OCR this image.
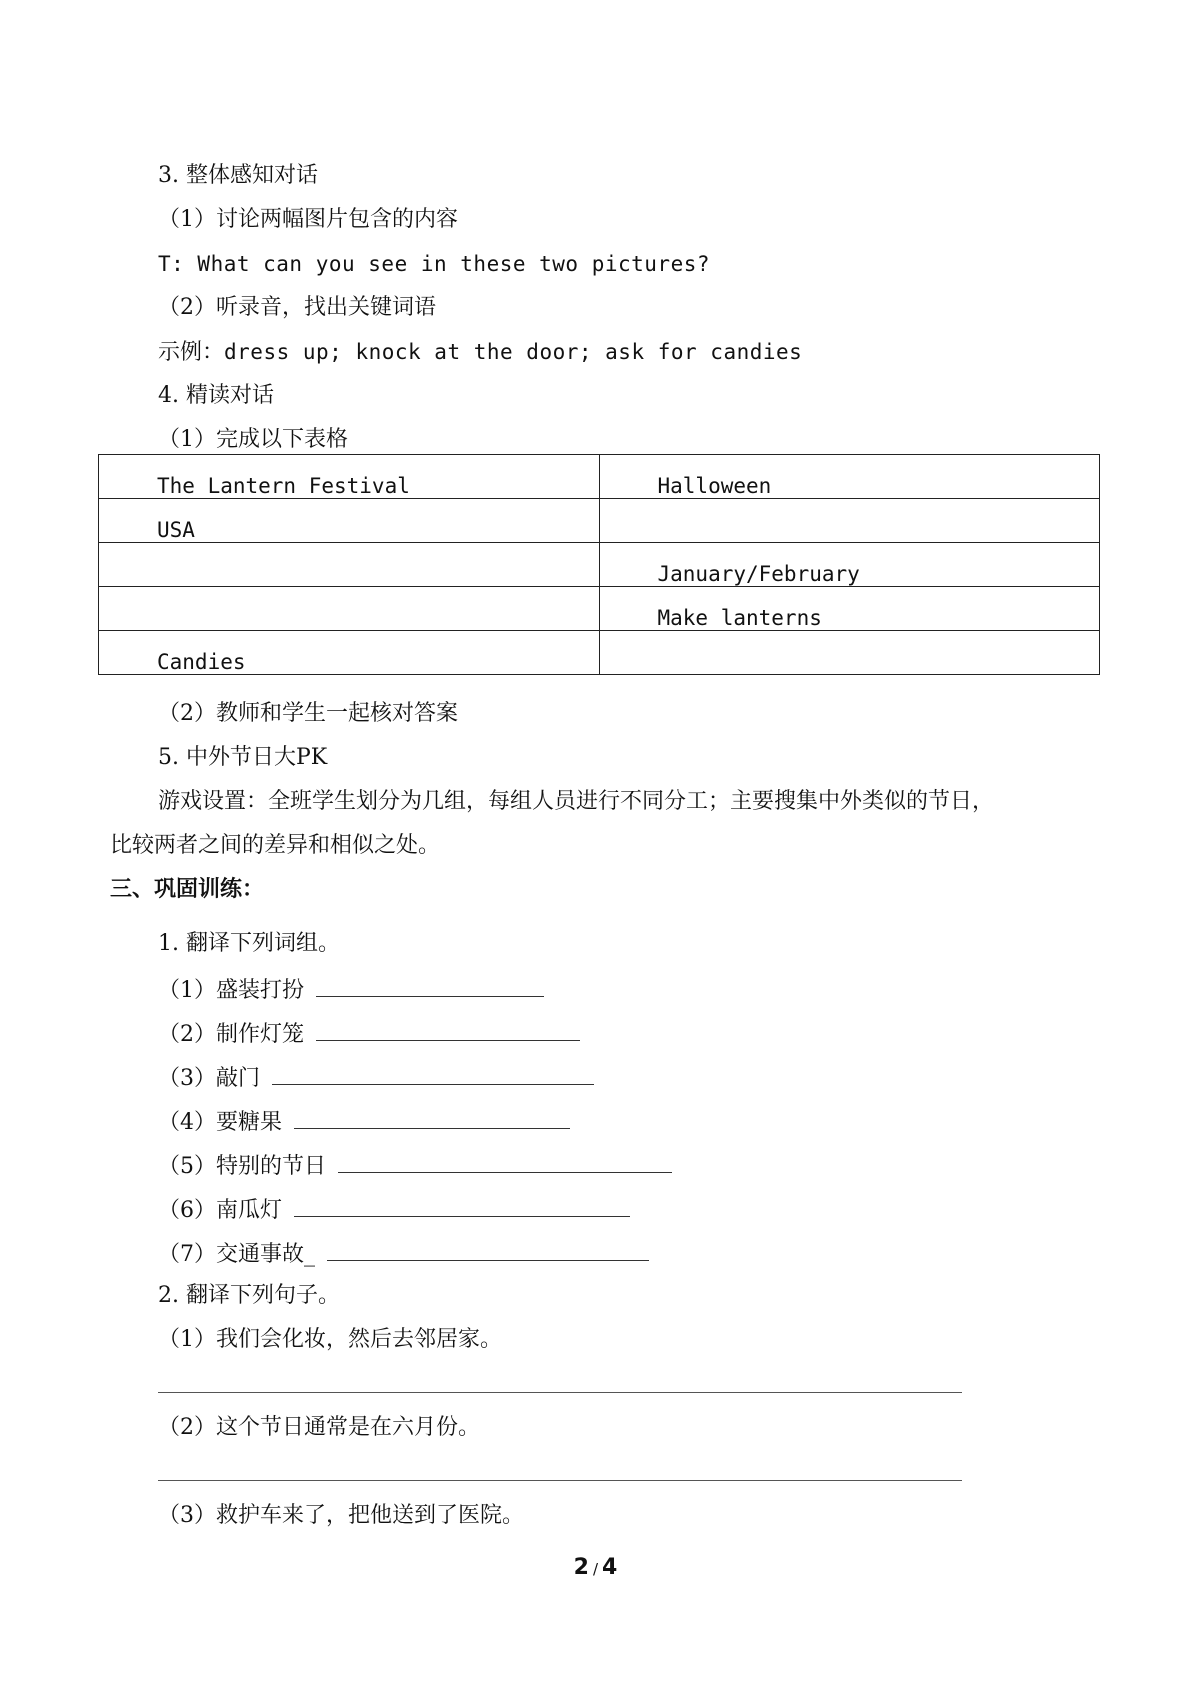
3. 整体感知对话
（1）讨论两幅图片包含的内容
T: What can you see in these two pictures?
（2）听录音，找出关键词语
示例：dress up; knock at the door; ask for candies
4. 精读对话
（1）完成以下表格
The Lantern Festival	Halloween

USA	

	January/February

	Make lanterns

Candies	

（2）教师和学生一起核对答案
5. 中外节日大PK
游戏设置：全班学生划分为几组，每组人员进行不同分工；主要搜集中外类似的节日，
比较两者之间的差异和相似之处。
三、巩固训练：
1. 翻译下列词组。
（1）盛装打扮
（2）制作灯笼
（3）敲门
（4）要糖果
（5）特别的节日
（6）南瓜灯
（7）交通事故_
2. 翻译下列句子。
（1）我们会化妆，然后去邻居家。
（2）这个节日通常是在六月份。
（3）救护车来了，把他送到了医院。
2 / 4
